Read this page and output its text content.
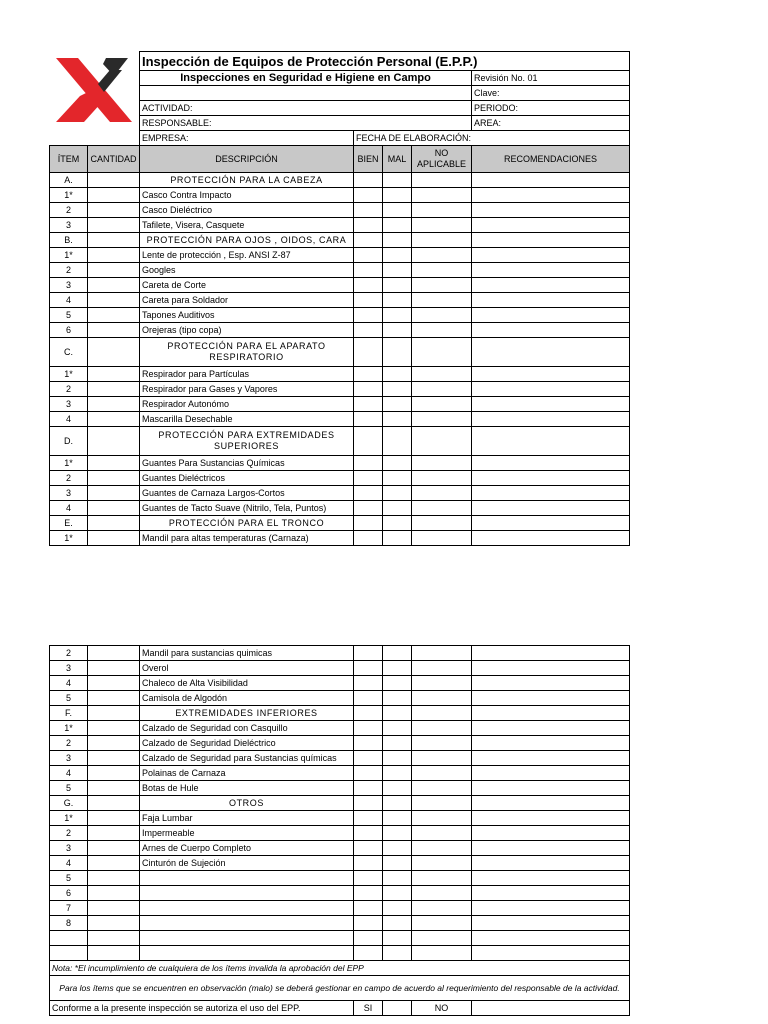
		Inspección de Equipos de Protección Personal (E.P.P.)				
		Inspecciones en Seguridad e Higiene en Campo				Revisión No. 01
						Clave:
		ACTIVIDAD:				PERIODO:
		RESPONSABLE:				AREA:
		EMPRESA:	FECHA DE ELABORACIÓN:			
ÍTEM	CANTIDAD	DESCRIPCIÓN	BIEN	MAL	NO APLICABLE	RECOMENDACIONES
A.		PROTECCIÓN PARA LA CABEZA				
1*		Casco Contra Impacto				
2		Casco Dieléctrico				
3		Tafilete, Visera, Casquete				
B.		PROTECCIÓN PARA OJOS , OIDOS, CARA				
1*		Lente de protección , Esp. ANSI Z-87				
2		Googles				
3		Careta de Corte				
4		Careta para Soldador				
5		Tapones Auditivos				
6		Orejeras (tipo copa)				
C.		PROTECCIÓN PARA EL APARATO RESPIRATORIO				
1*		Respirador para Partículas				
2		Respirador para Gases y Vapores				
3		Respirador Autonómo				
4		Mascarilla Desechable				
D.		PROTECCIÓN PARA EXTREMIDADES SUPERIORES				
1*		Guantes Para Sustancias Químicas				
2		Guantes Dieléctricos				
3		Guantes de Carnaza Largos-Cortos				
4		Guantes de Tacto Suave (Nitrilo, Tela, Puntos)				
E.		PROTECCIÓN PARA EL TRONCO				
1*		Mandil para altas temperaturas (Carnaza)				
2		Mandil para sustancias quimicas				
3		Overol				
4		Chaleco de Alta Visibilidad				
5		Camisola de Algodón				
F.		EXTREMIDADES INFERIORES				
1*		Calzado de Seguridad con Casquillo				
2		Calzado de Seguridad Dieléctrico				
3		Calzado de Seguridad para Sustancias químicas				
4		Polainas de Carnaza				
5		Botas de Hule				
G.		OTROS				
1*		Faja Lumbar				
2		Impermeable				
3		Arnes de Cuerpo Completo				
4		Cinturón de Sujeción				
5						
6						
7						
8						

Nota: *El incumplimiento de cualquiera de los ítems invalida la aprobación del EPP						
Para los ítems que se encuentren en observación (malo) se deberá gestionar en campo de acuerdo al requerimiento del responsable de la actividad.						
Conforme a la presente inspección se autoriza el uso del EPP.			SI		NO	
